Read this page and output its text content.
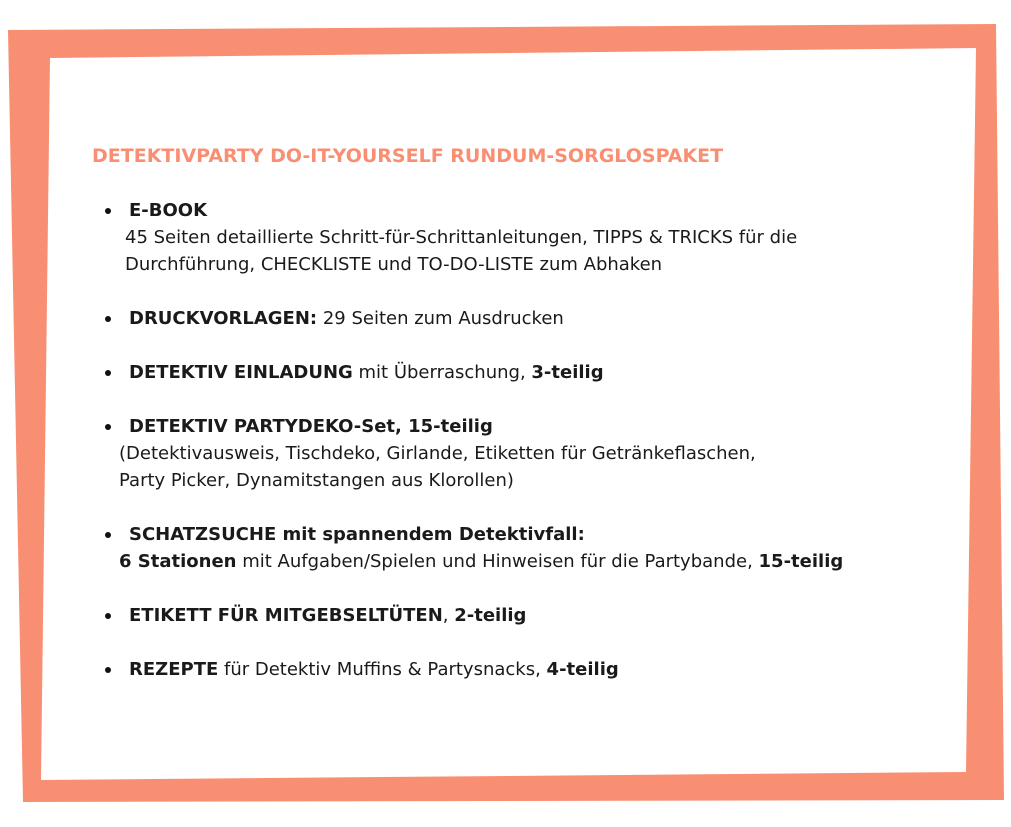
DETEKTIVPARTY DO-IT-YOURSELF RUNDUM-SORGLOSPAKET
E-BOOK
45 Seiten detaillierte Schritt-für-Schrittanleitungen, TIPPS & TRICKS für die
Durchführung, CHECKLISTE und TO-DO-LISTE zum Abhaken
DRUCKVORLAGEN: 29 Seiten zum Ausdrucken
DETEKTIV EINLADUNG mit Überraschung, 3-teilig
DETEKTIV PARTYDEKO-Set, 15-teilig
(Detektivausweis, Tischdeko, Girlande, Etiketten für Getränkeflaschen,
Party Picker, Dynamitstangen aus Klorollen)
SCHATZSUCHE mit spannendem Detektivfall:
6 Stationen mit Aufgaben/Spielen und Hinweisen für die Partybande, 15-teilig
ETIKETT FÜR MITGEBSELTÜTEN, 2-teilig
REZEPTE für Detektiv Muffins & Partysnacks, 4-teilig
